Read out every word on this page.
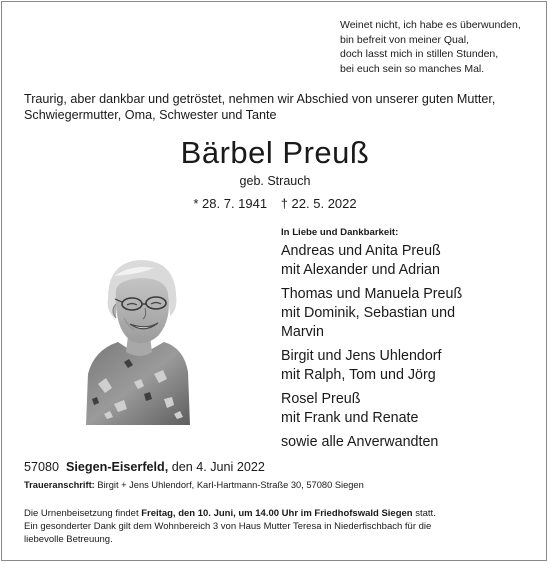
Weinet nicht, ich habe es überwunden,
bin befreit von meiner Qual,
doch lasst mich in stillen Stunden,
bei euch sein so manches Mal.
Traurig, aber dankbar und getröstet, nehmen wir Abschied von unserer guten Mutter,
Schwiegermutter, Oma, Schwester und Tante
Bärbel Preuß
geb. Strauch
* 28. 7. 1941 † 22. 5. 2022
In Liebe und Dankbarkeit:
Andreas und Anita Preuß
mit Alexander und Adrian
Thomas und Manuela Preuß
mit Dominik, Sebastian und
Marvin
Birgit und Jens Uhlendorf
mit Ralph, Tom und Jörg
Rosel Preuß
mit Frank und Renate
sowie alle Anverwandten
57080 Siegen-Eiserfeld, den 4. Juni 2022
Traueranschrift: Birgit + Jens Uhlendorf, Karl-Hartmann-Straße 30, 57080 Siegen
Die Urnenbeisetzung findet Freitag, den 10. Juni, um 14.00 Uhr im Friedhofswald Siegen statt.
Ein gesonderter Dank gilt dem Wohnbereich 3 von Haus Mutter Teresa in Niederfischbach für die
liebevolle Betreuung.
